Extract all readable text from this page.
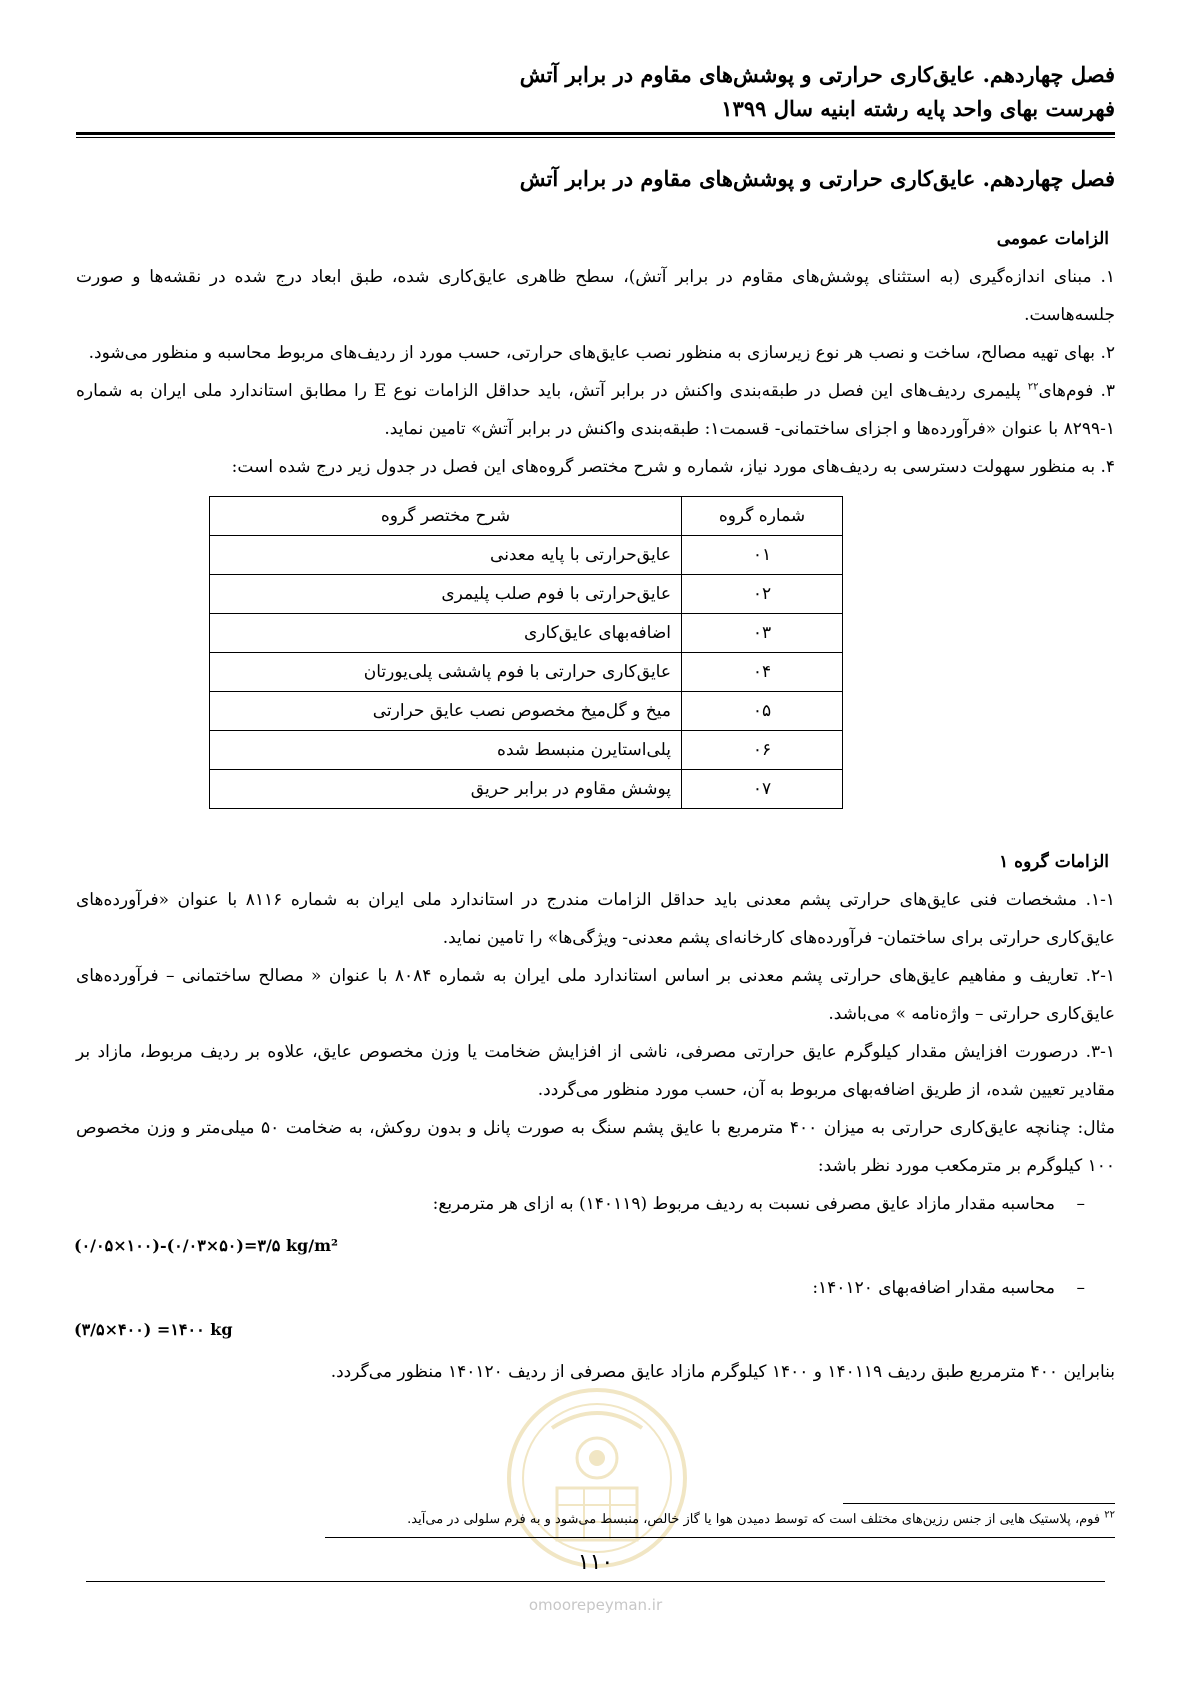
فصل چهاردهم. عایق‌کاری حرارتی و پوشش‌های مقاوم در برابر آتش
فهرست بهای واحد پایه رشته ابنیه سال ۱۳۹۹
فصل چهاردهم. عایق‌کاری حرارتی و پوشش‌های مقاوم در برابر آتش
الزامات عمومی

۱. مبنای اندازه‌گیری (به استثنای پوشش‌های مقاوم در برابر آتش)، سطح ظاهری عایق‌کاری شده، طبق ابعاد درج شده در نقشه‌ها و صورت جلسه‌هاست.

۲. بهای تهیه مصالح، ساخت و نصب هر نوع زیرسازی به منظور نصب عایق‌های حرارتی، حسب مورد از ردیف‌های مربوط محاسبه و منظور می‌شود.

۳. فوم‌های$^{۲۲}$ پلیمری ردیف‌های این فصل در طبقه‌بندی واکنش در برابر آتش، باید حداقل الزامات نوع E را مطابق استاندارد ملی ایران به شماره ۱-۸۲۹۹ با عنوان «فرآورده‌ها و اجزای ساختمانی- قسمت۱: طبقه‌بندی واکنش در برابر آتش» تامین نماید.

۴. به منظور سهولت دسترسی به ردیف‌های مورد نیاز، شماره و شرح مختصر گروه‌های این فصل در جدول زیر درج شده است:

شماره گروه	شرح مختصر گروه
۰۱	عایق‌حرارتی با پایه معدنی
۰۲	عایق‌حرارتی با فوم صلب پلیمری
۰۳	اضافه‌بهای عایق‌کاری
۰۴	عایق‌کاری حرارتی با فوم پاششی پلی‌یورتان
۰۵	میخ و گل‌میخ مخصوص نصب عایق حرارتی
۰۶	پلی‌استایرن منبسط شده
۰۷	پوشش مقاوم در برابر حریق
الزامات گروه ۱

۱-۱. مشخصات فنی عایق‌های حرارتی پشم معدنی باید حداقل الزامات مندرج در استاندارد ملی ایران به شماره ۸۱۱۶ با عنوان «فرآورده‌های عایق‌کاری حرارتی برای ساختمان- فرآورده‌های کارخانه‌ای پشم معدنی- ویژگی‌ها» را تامین نماید.

۲-۱. تعاریف و مفاهیم عایق‌های حرارتی پشم معدنی بر اساس استاندارد ملی ایران به شماره ۸۰۸۴ با عنوان « مصالح ساختمانی – فرآورده‌های عایق‌کاری حرارتی – واژه‌نامه » می‌باشد.

۳-۱. درصورت افزایش مقدار کیلوگرم عایق حرارتی مصرفی، ناشی از افزایش ضخامت یا وزن مخصوص عایق، علاوه بر ردیف مربوط، مازاد بر مقادیر تعیین شده، از طریق اضافه‌بهای مربوط به آن، حسب مورد منظور می‌گردد.

مثال: چنانچه عایق‌کاری حرارتی به میزان ۴۰۰ مترمربع با عایق پشم سنگ به صورت پانل و بدون روکش، به ضخامت ۵۰ میلی‌متر و وزن مخصوص ۱۰۰ کیلوگرم بر مترمکعب مورد نظر باشد:

–محاسبه مقدار مازاد عایق مصرفی نسبت به ردیف مربوط (۱۴۰۱۱۹) به ازای هر مترمربع:
(۰/۰۵×۱۰۰)-(۰/۰۳×۵۰)=۳/۵ kg/m²
–محاسبه مقدار اضافه‌بهای ۱۴۰۱۲۰:
(۳/۵×۴۰۰) =۱۴۰۰ kg

بنابراین ۴۰۰ مترمربع طبق ردیف ۱۴۰۱۱۹ و ۱۴۰۰ کیلوگرم مازاد عایق مصرفی از ردیف ۱۴۰۱۲۰ منظور می‌گردد.

$^{۲۲}$ فوم، پلاستیک هایی از جنس رزین‌های مختلف است که توسط دمیدن هوا یا گاز خالص، منبسط می‌شود و به فرم سلولی در می‌آید.
۱۱۰
omoorepeyman.ir
